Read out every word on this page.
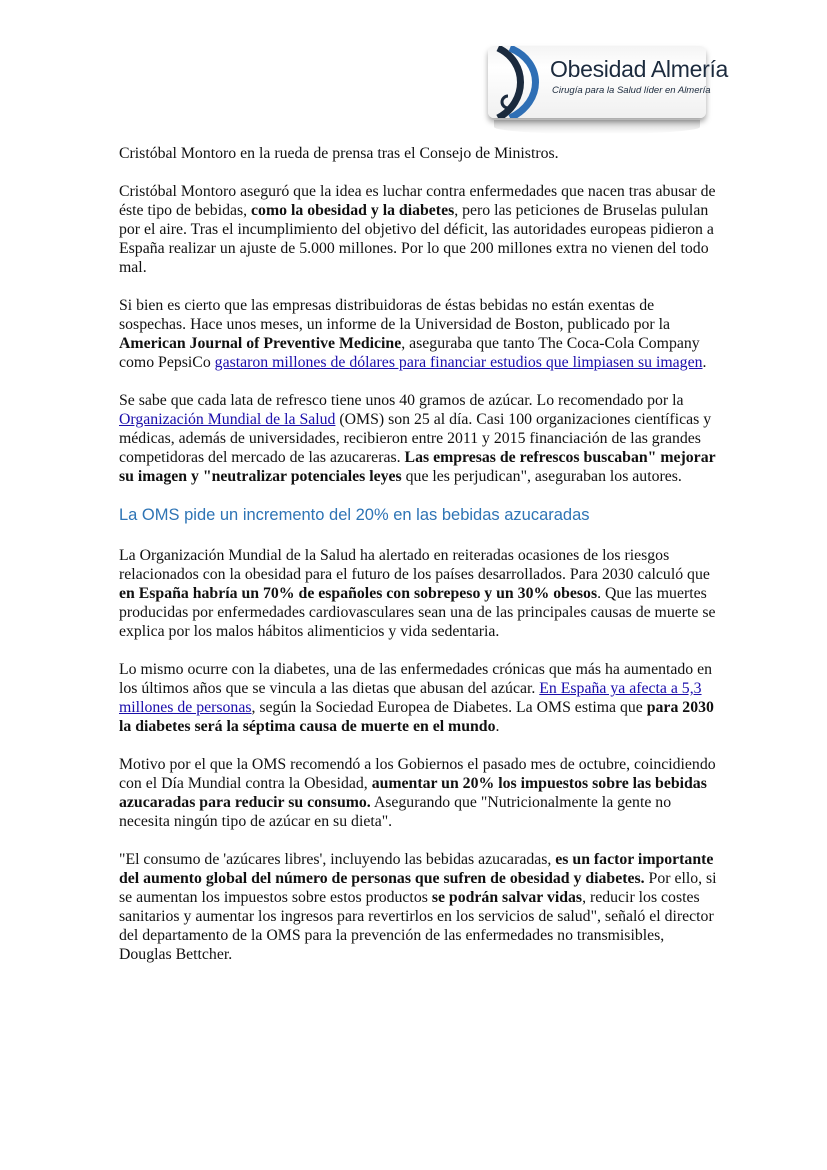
Obesidad Almería
Cirugía para la Salud líder en Almería

Cristóbal Montoro en la rueda de prensa tras el Consejo de Ministros.

Cristóbal Montoro aseguró que la idea es luchar contra enfermedades que nacen tras abusar de éste tipo de bebidas, como la obesidad y la diabetes, pero las peticiones de Bruselas pululan por el aire. Tras el incumplimiento del objetivo del déficit, las autoridades europeas pidieron a España realizar un ajuste de 5.000 millones. Por lo que 200 millones extra no vienen del todo mal.

Si bien es cierto que las empresas distribuidoras de éstas bebidas no están exentas de sospechas. Hace unos meses, un informe de la Universidad de Boston, publicado por la American Journal of Preventive Medicine, aseguraba que tanto The Coca-Cola Company como PepsiCo gastaron millones de dólares para financiar estudios que limpiasen su imagen.

Se sabe que cada lata de refresco tiene unos 40 gramos de azúcar. Lo recomendado por la Organización Mundial de la Salud (OMS) son 25 al día. Casi 100 organizaciones científicas y médicas, además de universidades, recibieron entre 2011 y 2015 financiación de las grandes competidoras del mercado de las azucareras. Las empresas de refrescos buscaban" mejorar su imagen y "neutralizar potenciales leyes que les perjudican", aseguraban los autores.

La OMS pide un incremento del 20% en las bebidas azucaradas

La Organización Mundial de la Salud ha alertado en reiteradas ocasiones de los riesgos relacionados con la obesidad para el futuro de los países desarrollados. Para 2030 calculó que en España habría un 70% de españoles con sobrepeso y un 30% obesos. Que las muertes producidas por enfermedades cardiovasculares sean una de las principales causas de muerte se explica por los malos hábitos alimenticios y vida sedentaria.

Lo mismo ocurre con la diabetes, una de las enfermedades crónicas que más ha aumentado en los últimos años que se vincula a las dietas que abusan del azúcar. En España ya afecta a 5,3 millones de personas, según la Sociedad Europea de Diabetes. La OMS estima que para 2030 la diabetes será la séptima causa de muerte en el mundo.

Motivo por el que la OMS recomendó a los Gobiernos el pasado mes de octubre, coincidiendo con el Día Mundial contra la Obesidad, aumentar un 20% los impuestos sobre las bebidas azucaradas para reducir su consumo. Asegurando que "Nutricionalmente la gente no necesita ningún tipo de azúcar en su dieta".

"El consumo de 'azúcares libres', incluyendo las bebidas azucaradas, es un factor importante del aumento global del número de personas que sufren de obesidad y diabetes. Por ello, si se aumentan los impuestos sobre estos productos se podrán salvar vidas, reducir los costes sanitarios y aumentar los ingresos para revertirlos en los servicios de salud", señaló el director del departamento de la OMS para la prevención de las enfermedades no transmisibles, Douglas Bettcher.
